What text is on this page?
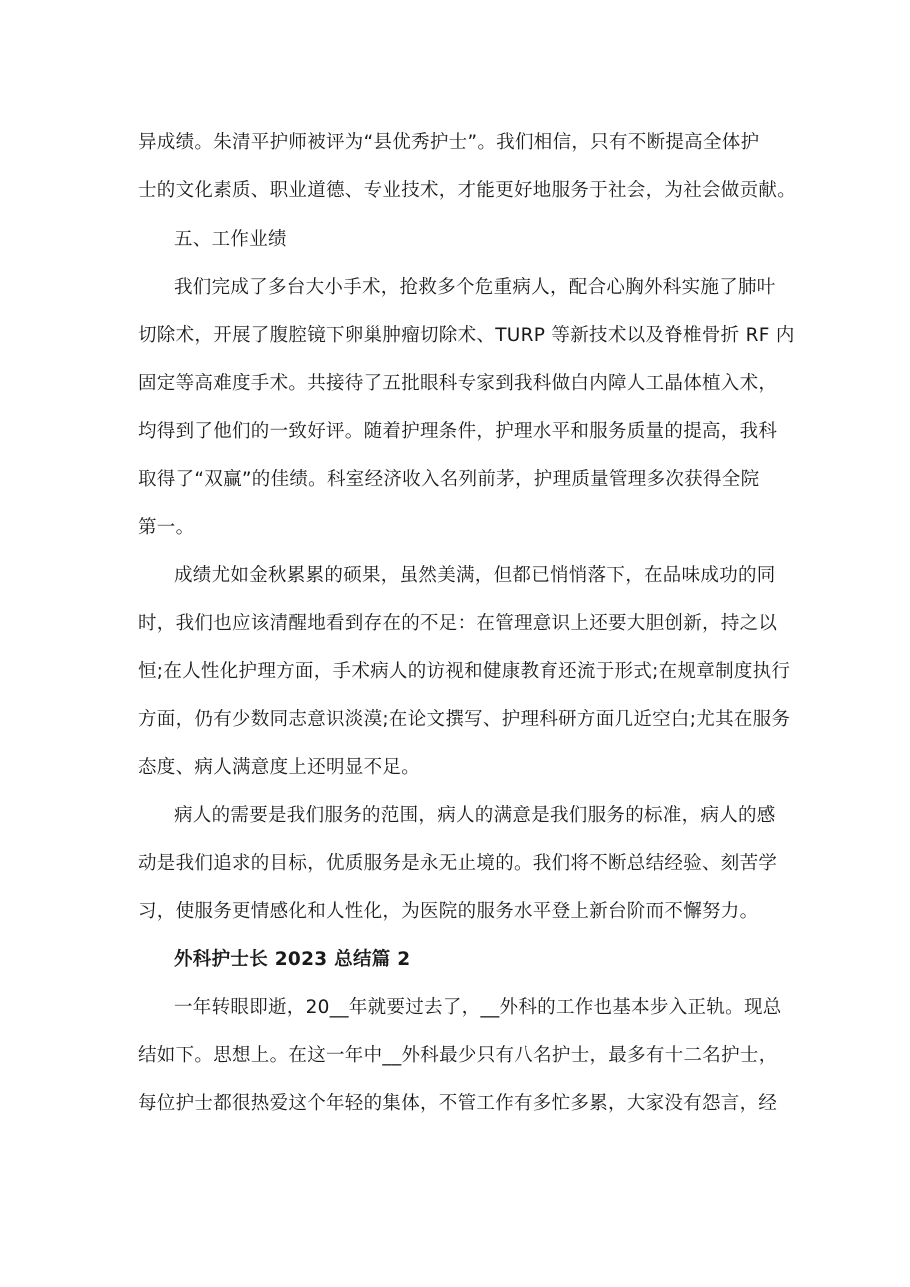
异成绩。朱清平护师被评为“县优秀护士”。我们相信，只有不断提高全体护
士的文化素质、职业道德、专业技术，才能更好地服务于社会，为社会做贡献。
五、工作业绩
我们完成了多台大小手术，抢救多个危重病人，配合心胸外科实施了肺叶
切除术，开展了腹腔镜下卵巢肿瘤切除术、TURP 等新技术以及脊椎骨折 RF 内
固定等高难度手术。共接待了五批眼科专家到我科做白内障人工晶体植入术，
均得到了他们的一致好评。随着护理条件，护理水平和服务质量的提高，我科
取得了“双赢”的佳绩。科室经济收入名列前茅，护理质量管理多次获得全院
第一。
成绩尤如金秋累累的硕果，虽然美满，但都已悄悄落下，在品味成功的同
时，我们也应该清醒地看到存在的不足：在管理意识上还要大胆创新，持之以
恒;在人性化护理方面，手术病人的访视和健康教育还流于形式;在规章制度执行
方面，仍有少数同志意识淡漠;在论文撰写、护理科研方面几近空白;尤其在服务
态度、病人满意度上还明显不足。
病人的需要是我们服务的范围，病人的满意是我们服务的标准，病人的感
动是我们追求的目标，优质服务是永无止境的。我们将不断总结经验、刻苦学
习，使服务更情感化和人性化，为医院的服务水平登上新台阶而不懈努力。
外科护士长 2023 总结篇 2
一年转眼即逝，20__年就要过去了，__外科的工作也基本步入正轨。现总
结如下。思想上。在这一年中__外科最少只有八名护士，最多有十二名护士，
每位护士都很热爱这个年轻的集体，不管工作有多忙多累，大家没有怨言，经
